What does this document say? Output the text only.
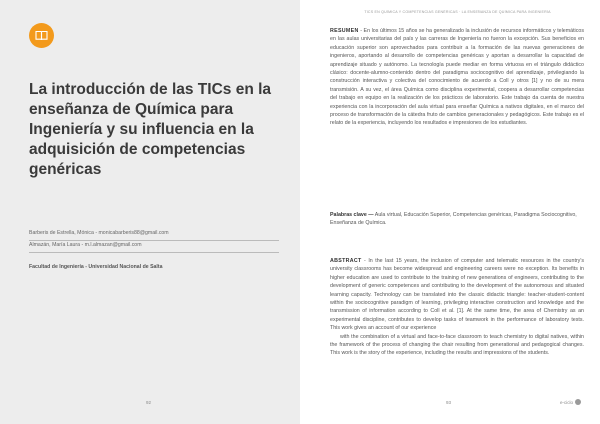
La introducción de las TICs en la enseñanza de Química para Ingeniería y su influencia en la adquisición de competencias genéricas
Barberis de Estrella, Mónica - monicabarberis88@gmail.com
Almazán, María Laura - m.l.almazan@gmail.com
Facultad de Ingeniería - Universidad Nacional de Salta
92
TICS EN QUÍMICA Y COMPETENCIAS GENÉRICAS · LA ENSEÑANZA DE QUÍMICA PARA INGENIERÍA

RESUMEN - En los últimos 15 años se ha generalizado la inclusión de recursos informáticos y telemáticos en las aulas universitarias del país y las carreras de Ingeniería no fueron la excepción. Sus beneficios en educación superior son aprovechados para contribuir a la formación de las nuevas generaciones de ingenieros, aportando al desarrollo de competencias genéricas y aportan a desarrollar la capacidad de aprendizaje situado y autónomo. La tecnología puede mediar en forma virtuosa en el triángulo didáctico clásico: docente-alumno-contenido dentro del paradigma sociocognitivo del aprendizaje, privilegiando la construcción interactiva y colectiva del conocimiento de acuerdo a Coll y otros [1] y no de su mera transmisión. A su vez, el área Química como disciplina experimental, coopera a desarrollar competencias del trabajo en equipo en la realización de los prácticos de laboratorio. Este trabajo da cuenta de nuestra experiencia con la incorporación del aula virtual para enseñar Química a nativos digitales, en el marco del proceso de transformación de la cátedra fruto de cambios generacionales y pedagógicos. Este trabajo es el relato de la experiencia, incluyendo los resultados e impresiones de los estudiantes.

Palabras clave — Aula virtual, Educación Superior, Competencias genéricas, Paradigma Sociocognitivo, Enseñanza de Química.

ABSTRACT - In the last 15 years, the inclusion of computer and telematic resources in the country's university classrooms has become widespread and engineering careers were no exception. Its benefits in higher education are used to contribute to the training of new generations of engineers, contributing to the development of generic competences and contributing to the development of the autonomous and situated learning capacity. Technology can be translated into the classic didactic triangle: teacher-student-content within the sociocognitive paradigm of learning, privileging interactive construction and knowledge and the transmission of information according to Coll et al. [1]. At the same time, the area of Chemistry as an experimental discipline, contributes to develop tasks of teamwork in the performance of laboratory tests. This work gives an account of our experience

with the combination of a virtual and face-to-face classroom to teach chemistry to digital natives, within the framework of the process of changing the chair resulting from generational and pedagogical changes. This work is the story of the experience, including the results and impressions of the students.

93	e-ciclo
